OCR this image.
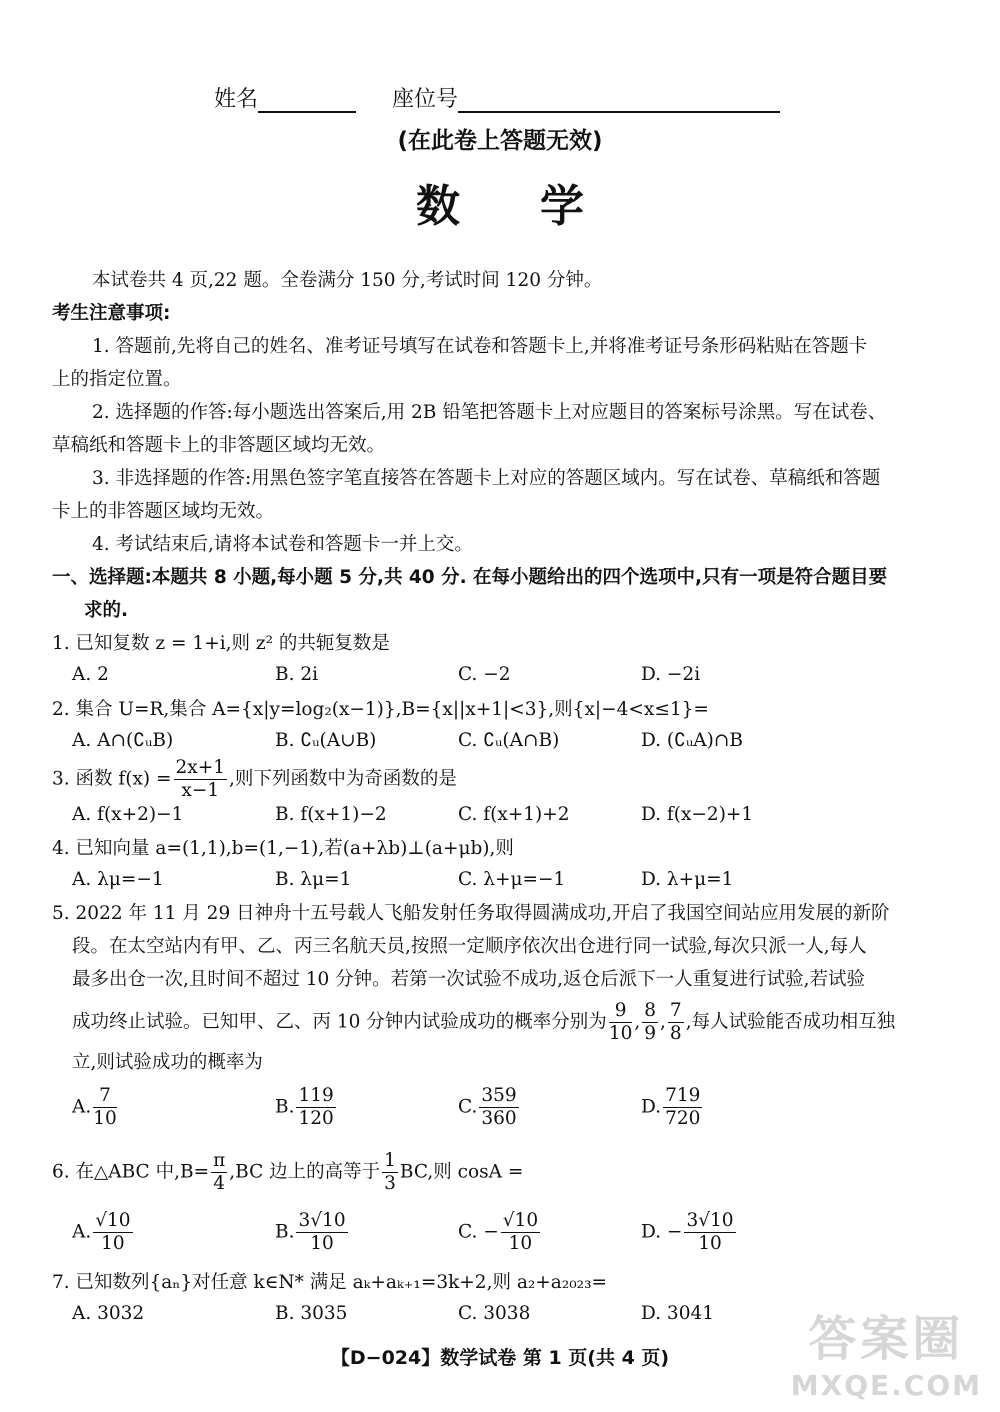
姓名	座位号
(在此卷上答题无效)
数学
本试卷共 4 页,22 题。全卷满分 150 分,考试时间 120 分钟。
考生注意事项:
1. 答题前,先将自己的姓名、准考证号填写在试卷和答题卡上,并将准考证号条形码粘贴在答题卡
上的指定位置。
2. 选择题的作答:每小题选出答案后,用 2B 铅笔把答题卡上对应题目的答案标号涂黑。写在试卷、
草稿纸和答题卡上的非答题区域均无效。
3. 非选择题的作答:用黑色签字笔直接答在答题卡上对应的答题区域内。写在试卷、草稿纸和答题
卡上的非答题区域均无效。
4. 考试结束后,请将本试卷和答题卡一并上交。
一、选择题:本题共 8 小题,每小题 5 分,共 40 分. 在每小题给出的四个选项中,只有一项是符合题目要
求的.
1. 已知复数 z = 1+i,则 z² 的共轭复数是
A. 2	B. 2i	C. −2	D. −2i
2. 集合 U=R,集合 A={x|y=log₂(x−1)},B={x||x+1|<3},则{x|−4<x≤1}=
A. A∩(∁ᵤB)	B. ∁ᵤ(A∪B)	C. ∁ᵤ(A∩B)	D. (∁ᵤA)∩B
3. 函数 $f(x) = \frac{2x+1}{x-1}$ ,则下列函数中为奇函数的是
A. f(x+2)−1	B. f(x+1)−2	C. f(x+1)+2	D. f(x−2)+1
4. 已知向量 a=(1,1),b=(1,−1),若(a+λb)⊥(a+μb),则
A. λμ=−1	B. λμ=1	C. λ+μ=−1	D. λ+μ=1
5. 2022 年 11 月 29 日神舟十五号载人飞船发射任务取得圆满成功,开启了我国空间站应用发展的新阶
段。在太空站内有甲、乙、丙三名航天员,按照一定顺序依次出仓进行同一试验,每次只派一人,每人
最多出仓一次,且时间不超过 10 分钟。若第一次试验不成功,返仓后派下一人重复进行试验,若试验
成功终止试验。已知甲、乙、丙 10 分钟内试验成功的概率分别为 $\frac{9}{10}$ , $\frac{8}{9}$ , $\frac{7}{8}$ ,每人试验能否成功相互独
立,则试验成功的概率为
A. $\frac{7}{10}$	B. $\frac{119}{120}$	C. $\frac{359}{360}$	D. $\frac{719}{720}$
6. 在△ABC 中$,B= \frac{\pi}{4} ,BC$ 边上的高等于 $\frac{1}{3}$ BC,则 cosA =
A. $\frac{√10}{10}$	B. $\frac{3√10}{10}$	C. − $\frac{√10}{10}$	D. − $\frac{3√10}{10}$
7. 已知数列{aₙ}对任意 k∈N* 满足 aₖ+aₖ₊₁=3k+2,则 a₂+a₂₀₂₃=
A. 3032	B. 3035	C. 3038	D. 3041
【D−024】数学试卷 第 1 页(共 4 页)	答案圈
MXQE.COM
